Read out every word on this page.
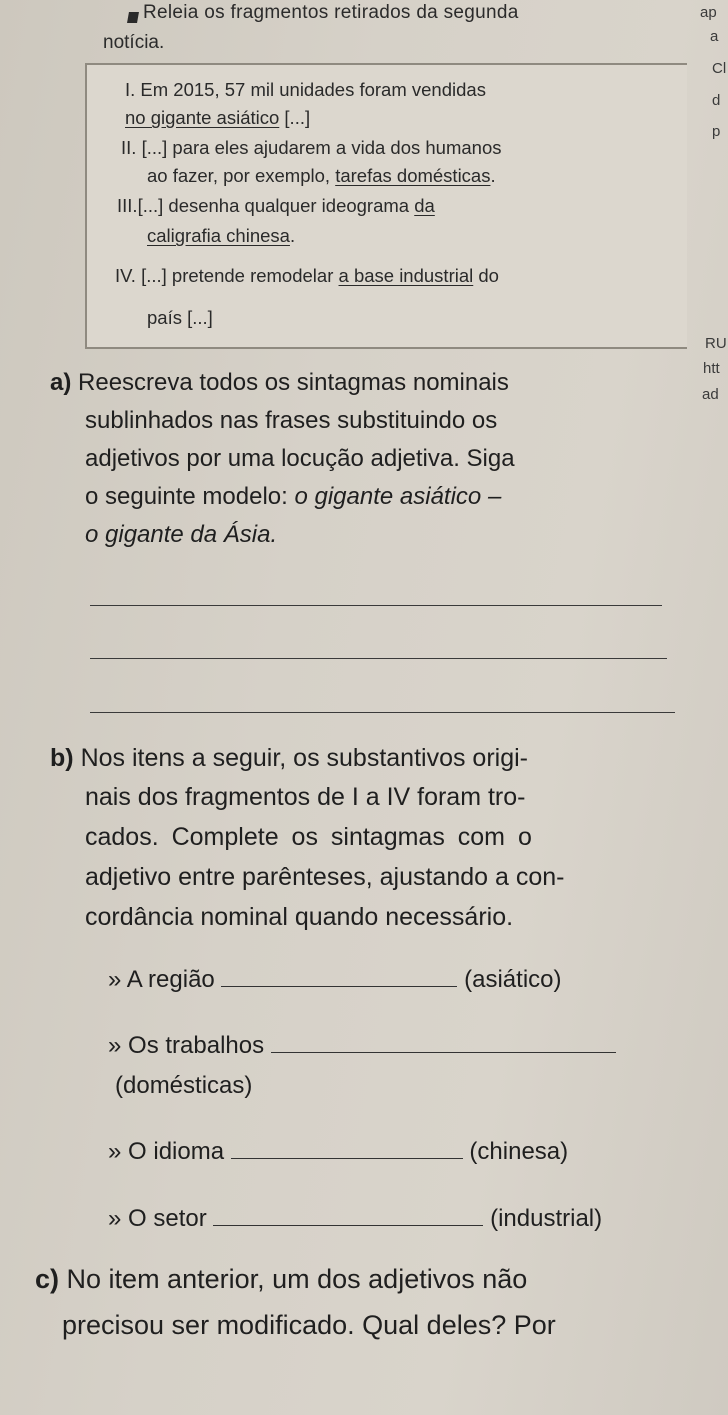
Releia os fragmentos retirados da segunda
notícia.
ap
a
Cl
d
p
RU
htt
ad
I. Em 2015, 57 mil unidades foram vendidas
no gigante asiático [...]
II. [...] para eles ajudarem a vida dos humanos
ao fazer, por exemplo, tarefas domésticas.
III.[...] desenha qualquer ideograma da
caligrafia chinesa.
IV. [...] pretende remodelar a base industrial do
país [...]
a) Reescreva todos os sintagmas nominais
sublinhados nas frases substituindo os
adjetivos por uma locução adjetiva. Siga
o seguinte modelo: o gigante asiático –
o gigante da Ásia.
b) Nos itens a seguir, os substantivos origi-
nais dos fragmentos de I a IV foram tro-
cados. Complete os sintagmas com o
adjetivo entre parênteses, ajustando a con-
cordância nominal quando necessário.
» A região	(asiático)
» Os trabalhos
(domésticas)
» O idioma	(chinesa)
» O setor	(industrial)
c) No item anterior, um dos adjetivos não
precisou ser modificado. Qual deles? Por
